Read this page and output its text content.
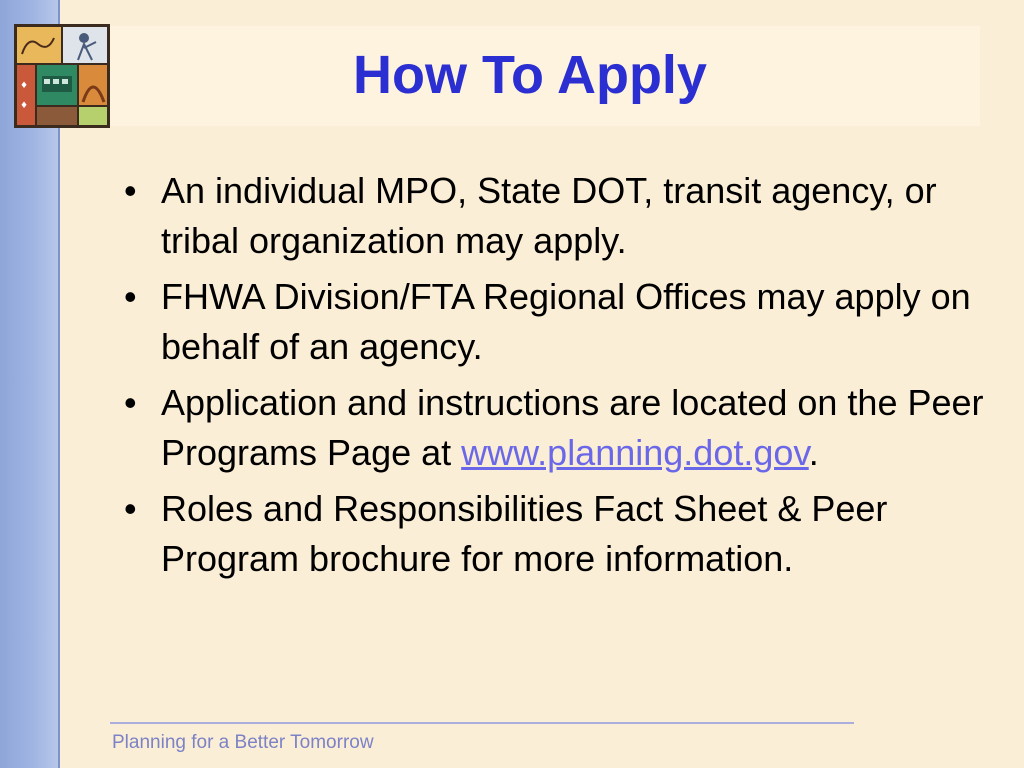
♦
♦
How To Apply
• An individual MPO, State DOT, transit agency, or tribal organization may apply.
• FHWA Division/FTA Regional Offices may apply on behalf of an agency.
• Application and instructions are located on the Peer Programs Page at www.planning.dot.gov.
• Roles and Responsibilities Fact Sheet & Peer Program brochure for more information.
Planning for a Better Tomorrow
